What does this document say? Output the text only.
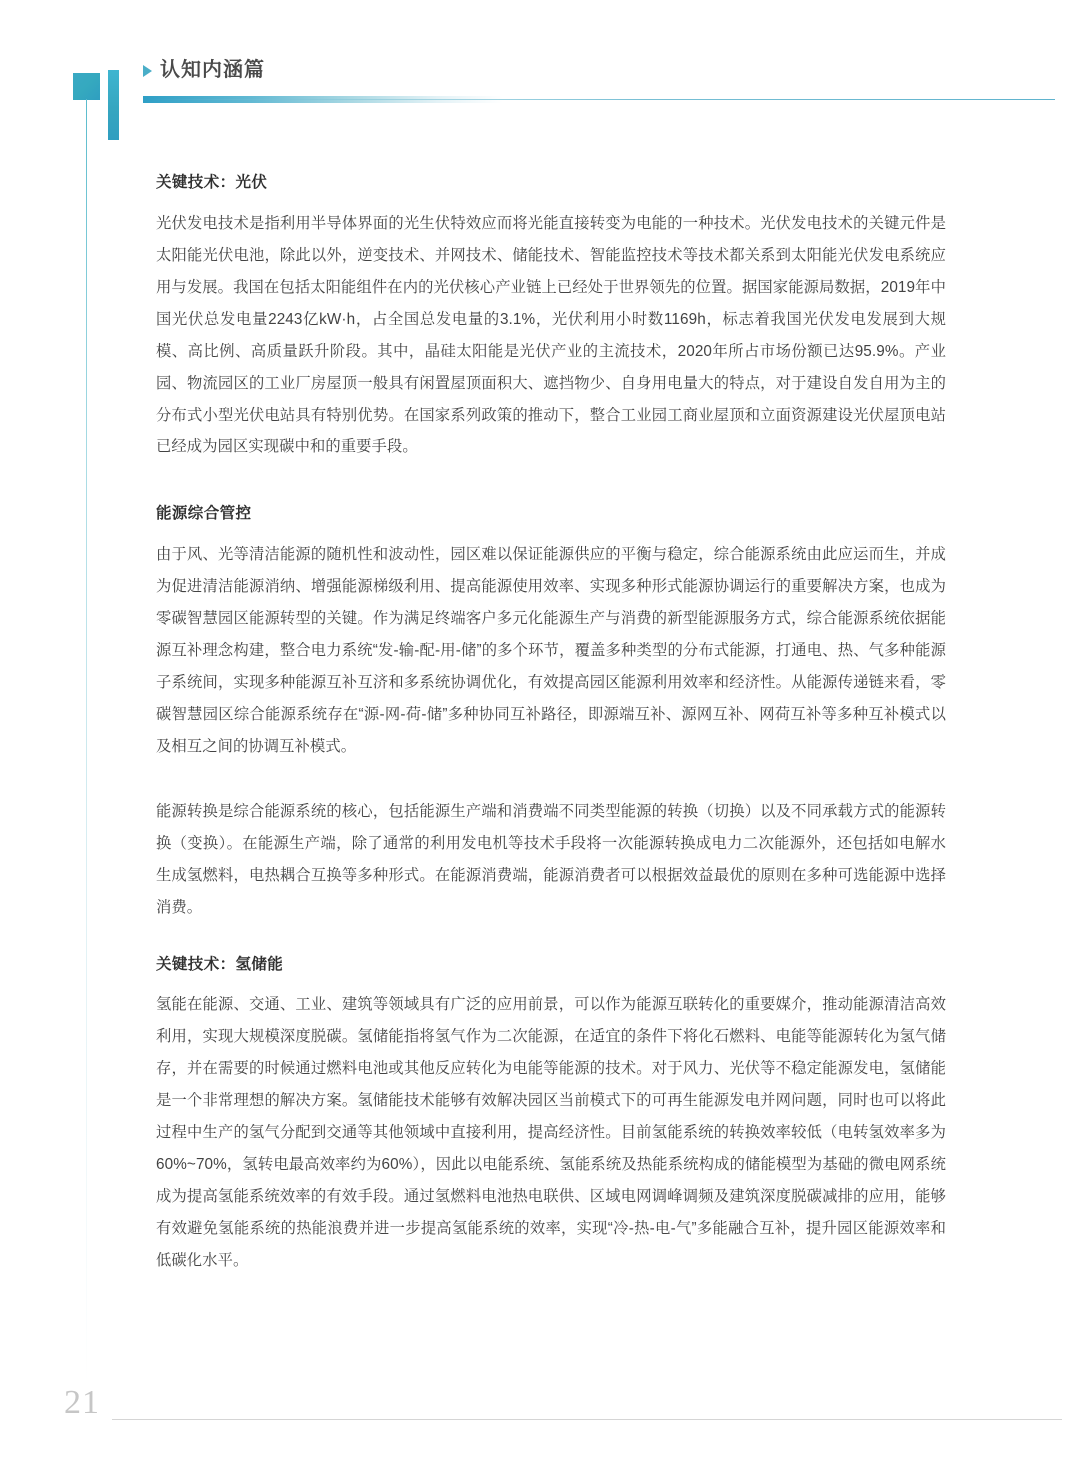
认知内涵篇
关键技术：光伏

光伏发电技术是指利用半导体界面的光生伏特效应而将光能直接转变为电能的一种技术。光伏发电技术的关键元件是太阳能光伏电池，除此以外，逆变技术、并网技术、储能技术、智能监控技术等技术都关系到太阳能光伏发电系统应用与发展。我国在包括太阳能组件在内的光伏核心产业链上已经处于世界领先的位置。据国家能源局数据，2019年中国光伏总发电量2243亿kW·h，占全国总发电量的3.1%，光伏利用小时数1169h，标志着我国光伏发电发展到大规模、高比例、高质量跃升阶段。其中，晶硅太阳能是光伏产业的主流技术，2020年所占市场份额已达95.9%。产业园、物流园区的工业厂房屋顶一般具有闲置屋顶面积大、遮挡物少、自身用电量大的特点，对于建设自发自用为主的分布式小型光伏电站具有特别优势。在国家系列政策的推动下，整合工业园工商业屋顶和立面资源建设光伏屋顶电站已经成为园区实现碳中和的重要手段。

能源综合管控

由于风、光等清洁能源的随机性和波动性，园区难以保证能源供应的平衡与稳定，综合能源系统由此应运而生，并成为促进清洁能源消纳、增强能源梯级利用、提高能源使用效率、实现多种形式能源协调运行的重要解决方案，也成为零碳智慧园区能源转型的关键。作为满足终端客户多元化能源生产与消费的新型能源服务方式，综合能源系统依据能源互补理念构建，整合电力系统“发-输-配-用-储”的多个环节，覆盖多种类型的分布式能源，打通电、热、气多种能源子系统间，实现多种能源互补互济和多系统协调优化，有效提高园区能源利用效率和经济性。从能源传递链来看，零碳智慧园区综合能源系统存在“源-网-荷-储”多种协同互补路径，即源端互补、源网互补、网荷互补等多种互补模式以及相互之间的协调互补模式。

能源转换是综合能源系统的核心，包括能源生产端和消费端不同类型能源的转换（切换）以及不同承载方式的能源转换（变换）。在能源生产端，除了通常的利用发电机等技术手段将一次能源转换成电力二次能源外，还包括如电解水生成氢燃料，电热耦合互换等多种形式。在能源消费端，能源消费者可以根据效益最优的原则在多种可选能源中选择消费。

关键技术：氢储能

氢能在能源、交通、工业、建筑等领域具有广泛的应用前景，可以作为能源互联转化的重要媒介，推动能源清洁高效利用，实现大规模深度脱碳。氢储能指将氢气作为二次能源，在适宜的条件下将化石燃料、电能等能源转化为氢气储存，并在需要的时候通过燃料电池或其他反应转化为电能等能源的技术。对于风力、光伏等不稳定能源发电，氢储能是一个非常理想的解决方案。氢储能技术能够有效解决园区当前模式下的可再生能源发电并网问题，同时也可以将此过程中生产的氢气分配到交通等其他领域中直接利用，提高经济性。目前氢能系统的转换效率较低（电转氢效率多为60%~70%，氢转电最高效率约为60%），因此以电能系统、氢能系统及热能系统构成的储能模型为基础的微电网系统成为提高氢能系统效率的有效手段。通过氢燃料电池热电联供、区域电网调峰调频及建筑深度脱碳减排的应用，能够有效避免氢能系统的热能浪费并进一步提高氢能系统的效率，实现“冷-热-电-气”多能融合互补，提升园区能源效率和低碳化水平。

21
